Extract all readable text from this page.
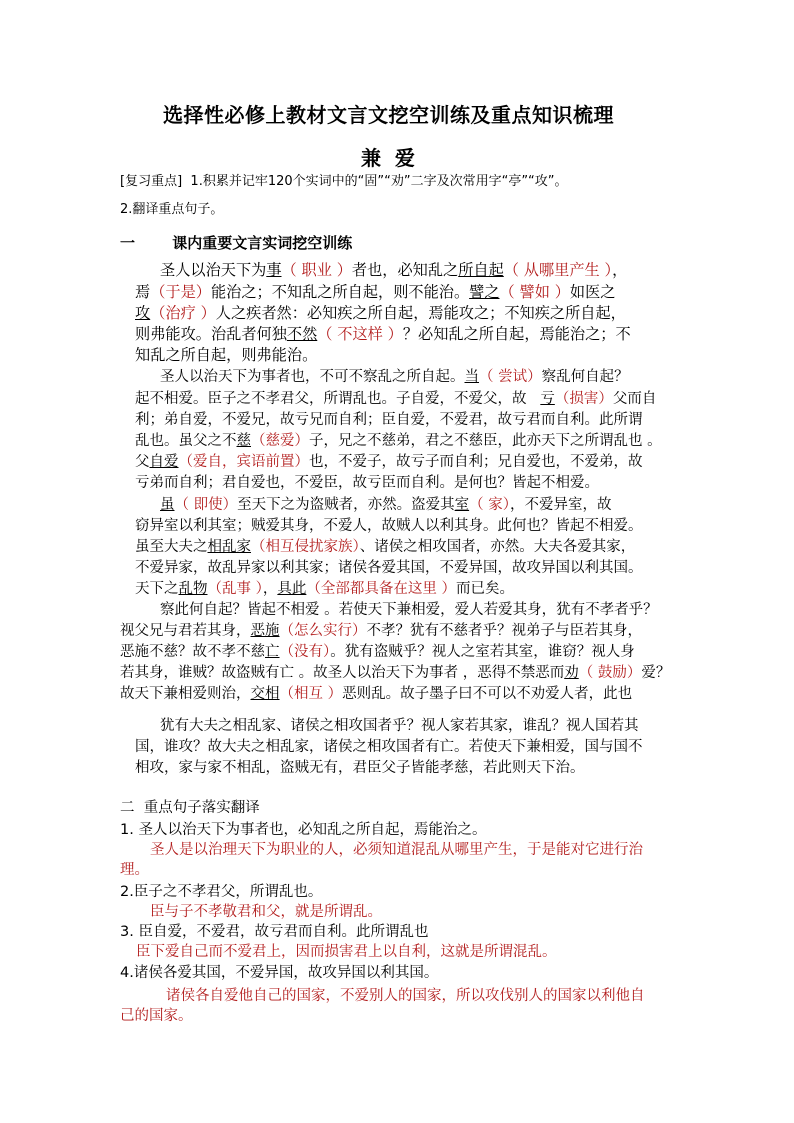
选择性必修上教材文言文挖空训练及重点知识梳理
兼  爱
[复习重点] 1.积累并记牢120个实词中的“固”“劝”二字及次常用字“亭”“攻”。
2.翻译重点句子。
一 课内重要文言实词挖空训练
圣人以治天下为事（ 职业 ）者也，必知乱之所自起（ 从哪里产生 ），
焉（于是）能治之；不知乱之所自起，则不能治。譬之（ 譬如 ）如医之
攻（治疗 ）人之疾者然：必知疾之所自起，焉能攻之；不知疾之所自起，
则弗能攻。治乱者何独不然（ 不这样 ）？必知乱之所自起，焉能治之；不
知乱之所自起，则弗能治。
圣人以治天下为事者也，不可不察乱之所自起。当（ 尝试）察乱何自起？
起不相爱。臣子之不孝君父，所谓乱也。子自爱，不爱父，故   亏（损害）父而自
利；弟自爱，不爱兄，故亏兄而自利；臣自爱，不爱君，故亏君而自利。此所谓
乱也。虽父之不慈（慈爱）子，兄之不慈弟，君之不慈臣，此亦天下之所谓乱也 。
父自爱（爱自，宾语前置）也，不爱子，故亏子而自利；兄自爱也，不爱弟，故
亏弟而自利；君自爱也，不爱臣，故亏臣而自利。是何也？皆起不相爱。
虽（ 即使）至天下之为盗贼者，亦然。盗爱其室（ 家），不爱异室，故
窃异室以利其室；贼爱其身，不爱人，故贼人以利其身。此何也？皆起不相爱。
虽至大夫之相乱家（相互侵扰家族）、诸侯之相攻国者，亦然。大夫各爱其家，
不爱异家，故乱异家以利其家；诸侯各爱其国，不爱异国，故攻异国以利其国。
天下之乱物（乱事 ），具此（全部都具备在这里 ）而已矣。
察此何自起？皆起不相爱 。若使天下兼相爱，爱人若爱其身，犹有不孝者乎？
视父兄与君若其身，恶施（怎么实行）不孝？犹有不慈者乎？视弟子与臣若其身，
恶施不慈？故不孝不慈亡（没有）。犹有盗贼乎？视人之室若其室，谁窃？视人身
若其身，谁贼？故盗贼有亡 。故圣人以治天下为事者 ，恶得不禁恶而劝（ 鼓励）爱？
故天下兼相爱则治，交相（相互 ）恶则乱。故子墨子曰不可以不劝爱人者，此也
犹有大夫之相乱家、诸侯之相攻国者乎？视人家若其家，谁乱？视人国若其
国，谁攻？故大夫之相乱家，诸侯之相攻国者有亡。若使天下兼相爱，国与国不
相攻，家与家不相乱，盗贼无有，君臣父子皆能孝慈，若此则天下治。
二  重点句子落实翻译
1. 圣人以治天下为事者也，必知乱之所自起，焉能治之。
圣人是以治理天下为职业的人，必须知道混乱从哪里产生，于是能对它进行治
理。
2.臣子之不孝君父，所谓乱也。
臣与子不孝敬君和父，就是所谓乱。
3. 臣自爱，不爱君，故亏君而自利。此所谓乱也
臣下爱自己而不爱君上，因而损害君上以自利，这就是所谓混乱。
4.诸侯各爱其国，不爱异国，故攻异国以利其国。
诸侯各自爱他自己的国家，不爱别人的国家，所以攻伐别人的国家以利他自
己的国家。
